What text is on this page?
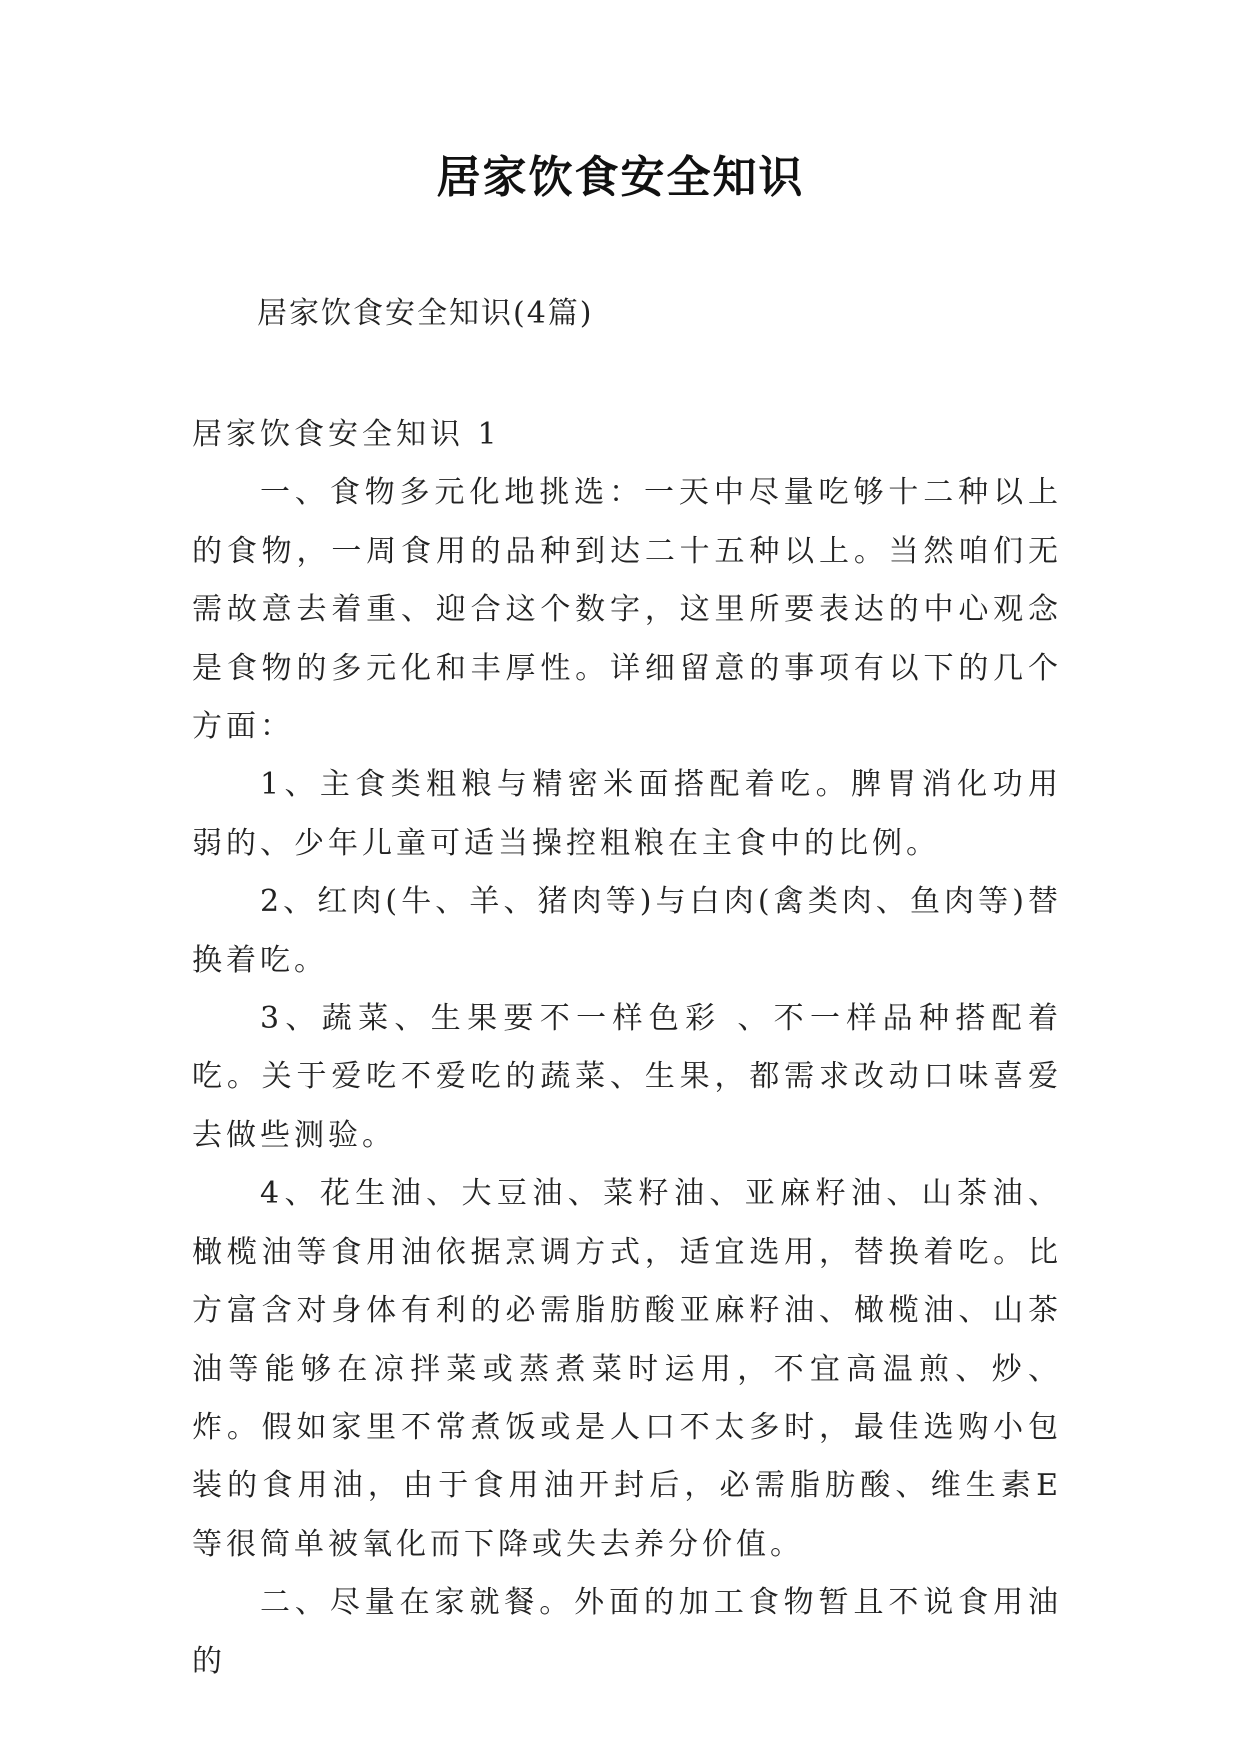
居家饮食安全知识
居家饮食安全知识(4篇)

居家饮食安全知识 1

一、食物多元化地挑选：一天中尽量吃够十二种以上的食物，一周食用的品种到达二十五种以上。当然咱们无需故意去着重、迎合这个数字，这里所要表达的中心观念是食物的多元化和丰厚性。详细留意的事项有以下的几个方面：

1、主食类粗粮与精密米面搭配着吃。脾胃消化功用弱的、少年儿童可适当操控粗粮在主食中的比例。

2、红肉(牛、羊、猪肉等)与白肉(禽类肉、鱼肉等)替换着吃。

3、蔬菜、生果要不一样色彩 、不一样品种搭配着吃。关于爱吃不爱吃的蔬菜、生果，都需求改动口味喜爱去做些测验。

4、花生油、大豆油、菜籽油、亚麻籽油、山茶油、橄榄油等食用油依据烹调方式，适宜选用，替换着吃。比方富含对身体有利的必需脂肪酸亚麻籽油、橄榄油、山茶油等能够在凉拌菜或蒸煮菜时运用，不宜高温煎、炒、炸。假如家里不常煮饭或是人口不太多时，最佳选购小包装的食用油，由于食用油开封后，必需脂肪酸、维生素E等很简单被氧化而下降或失去养分价值。

二、尽量在家就餐。外面的加工食物暂且不说食用油的
